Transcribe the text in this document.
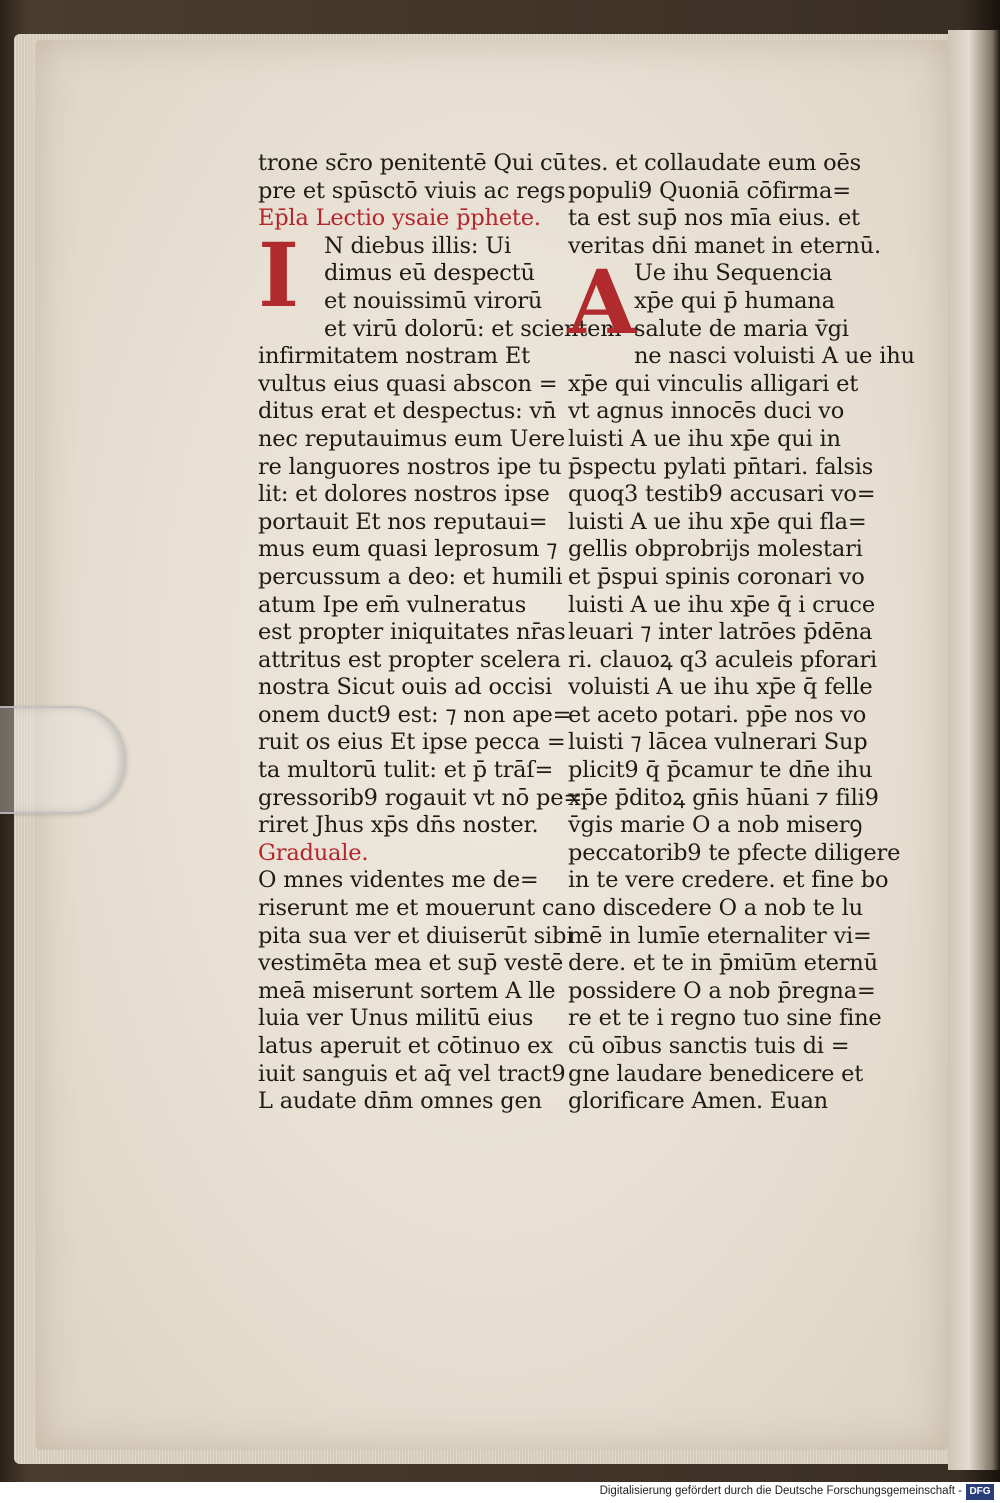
trone sc̄ro penitentē Qui cū
pre et spūsctō viuis ac regs
Ep̄la Lectio ysaie p̄phete.
I	N diebus illis: Ui
dimus eū despectū
et nouissimū virorū
et virū dolorū: et scientem
infirmitatem nostram Et
vultus eius quasi abscon =
ditus erat et despectus: vn̄
nec reputauimus eum Uere
re languores nostros ipe tu
lit: et dolores nostros ipse
portauit Et nos reputaui=
mus eum quasi leprosum ⁊
percussum a deo: et humili
atum Ipe em̄ vulneratus
est propter iniquitates nr̄as
attritus est propter scelera
nostra Sicut ouis ad occisi
onem duct9 est: ⁊ non ape=
ruit os eius Et ipse pecca =
ta multorū tulit: et p̄ trāſ=
gressorib9 rogauit vt nō pe=
riret Jhus xp̄s dn̄s noster.
Graduale.
O mnes videntes me de=
riserunt me et mouerunt ca
pita sua ver et diuiserūt sibi
vestimēta mea et sup̄ vestē
meā miserunt sortem A lle
luia ver Unus militū eius
latus aperuit et cōtinuo ex
iuit sanguis et aq̄ vel tract9
L audate dn̄m omnes gen
tes. et collaudate eum oēs
populi9 Quoniā cōfirma=
ta est sup̄ nos mīa eius. et
veritas dn̄i manet in eternū.
A
Ue ihu Sequencia
xp̄e qui p̄ humana
salute de maria v̄gi
ne nasci voluisti A ue ihu
xp̄e qui vinculis alligari et
vt agnus innocēs duci vo
luisti A ue ihu xp̄e qui in
p̄spectu pylati pn̄tari. falsis
quoq3 testib9 accusari vo=
luisti A ue ihu xp̄e qui fla=
gellis obprobrijs molestari
et p̄spui spinis coronari vo
luisti A ue ihu xp̄e q̄ i cruce
leuari ⁊ inter latrōes p̄dēna
ri. clauoꝝ q3 aculeis pforari
voluisti A ue ihu xp̄e q̄ felle
et aceto potari. pp̄e nos vo
luisti ⁊ lācea vulnerari Sup
plicit9 q̄ p̄camur te dn̄e ihu
xp̄e p̄ditoꝝ gn̄is hūani ⁊ fili9
v̄gis marie O a nob miserꝯ
peccatorib9 te pfecte diligere
in te vere credere. et fine bo
no discedere O a nob te lu
mē in lumīe eternaliter vi=
dere. et te in p̄miūm eternū
possidere O a nob p̄regna=
re et te i regno tuo sine fine
cū oībus sanctis tuis di =
gne laudare benedicere et
glorificare Amen. Euan
Digitalisierung gefördert durch die Deutsche Forschungsgemeinschaft - DFG
